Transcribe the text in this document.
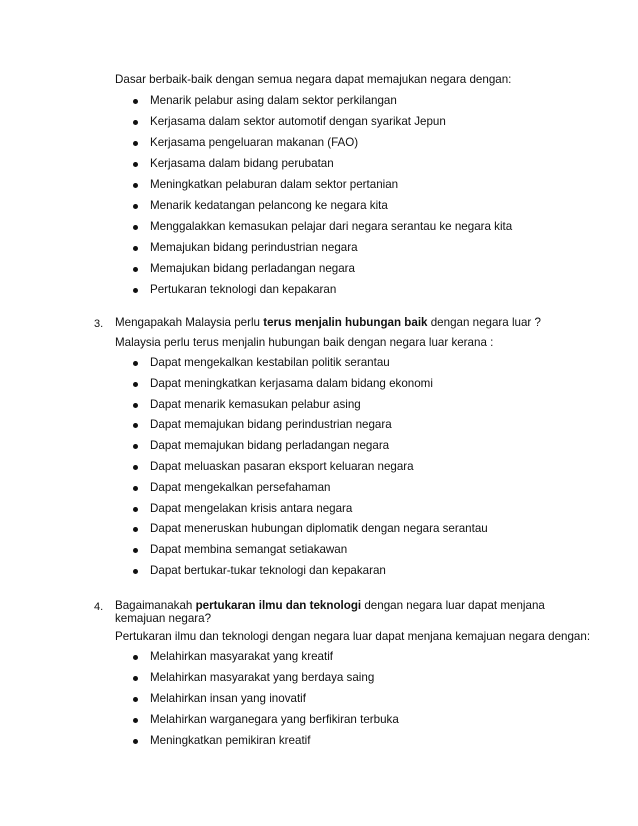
Dasar berbaik-baik dengan semua negara dapat memajukan negara dengan:
Menarik pelabur asing dalam sektor perkilangan
Kerjasama dalam sektor automotif dengan syarikat Jepun
Kerjasama pengeluaran makanan (FAO)
Kerjasama dalam bidang perubatan
Meningkatkan pelaburan dalam sektor pertanian
Menarik kedatangan pelancong ke negara kita
Menggalakkan kemasukan pelajar dari negara serantau ke negara kita
Memajukan bidang perindustrian negara
Memajukan bidang perladangan negara
Pertukaran teknologi dan kepakaran
3. Mengapakah Malaysia perlu terus menjalin hubungan baik dengan negara luar ?
Malaysia perlu terus menjalin hubungan baik dengan negara luar kerana :
Dapat mengekalkan kestabilan politik serantau
Dapat meningkatkan kerjasama dalam bidang ekonomi
Dapat menarik kemasukan pelabur asing
Dapat memajukan bidang perindustrian negara
Dapat memajukan bidang perladangan negara
Dapat meluaskan pasaran eksport keluaran negara
Dapat mengekalkan persefahaman
Dapat mengelakan krisis antara negara
Dapat meneruskan hubungan diplomatik dengan negara serantau
Dapat membina semangat setiakawan
Dapat bertukar-tukar teknologi dan kepakaran
4. Bagaimanakah pertukaran ilmu dan teknologi dengan negara luar dapat menjana
kemajuan negara?
Pertukaran ilmu dan teknologi dengan negara luar dapat menjana kemajuan negara dengan:
Melahirkan masyarakat yang kreatif
Melahirkan masyarakat yang berdaya saing
Melahirkan insan yang inovatif
Melahirkan warganegara yang berfikiran terbuka
Meningkatkan pemikiran kreatif
